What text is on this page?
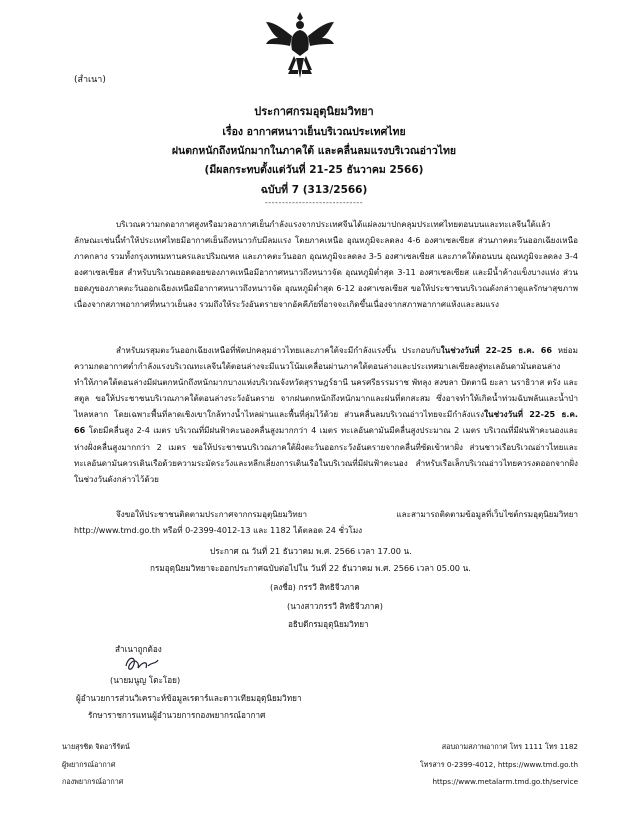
(สำเนา)
ประกาศกรมอุตุนิยมวิทยา
เรื่อง อากาศหนาวเย็นบริเวณประเทศไทย
ฝนตกหนักถึงหนักมากในภาคใต้ และคลื่นลมแรงบริเวณอ่าวไทย
(มีผลกระทบตั้งแต่วันที่ 21-25 ธันวาคม 2566)
ฉบับที่ 7 (313/2566)
-----------------------------

บริเวณความกดอากาศสูงหรือมวลอากาศเย็นกำลังแรงจากประเทศจีนได้แผ่ลงมาปกคลุมประเทศไทยตอนบนและทะเลจีนใต้แล้ว ลักษณะเช่นนี้ทำให้ประเทศไทยมีอากาศเย็นถึงหนาวกับมีลมแรง โดยภาคเหนือ อุณหภูมิจะลดลง 4-6 องศาเซลเซียส ส่วนภาคตะวันออกเฉียงเหนือ ภาคกลาง รวมทั้งกรุงเทพมหานครและปริมณฑล และภาคตะวันออก อุณหภูมิจะลดลง 3-5 องศาเซลเซียส และภาคใต้ตอนบน อุณหภูมิจะลดลง 3-4 องศาเซลเซียส สำหรับบริเวณยอดดอยของภาคเหนือมีอากาศหนาวถึงหนาวจัด อุณหภูมิต่ำสุด 3-11 องศาเซลเซียส และมีน้ำค้างแข็งบางแห่ง ส่วนยอดภูของภาคตะวันออกเฉียงเหนือมีอากาศหนาวถึงหนาวจัด อุณหภูมิต่ำสุด 6-12 องศาเซลเซียส ขอให้ประชาชนบริเวณดังกล่าวดูแลรักษาสุขภาพเนื่องจากสภาพอากาศที่หนาวเย็นลง รวมถึงให้ระวังอันตรายจากอัคคีภัยที่อาจจะเกิดขึ้นเนื่องจากสภาพอากาศแห้งและลมแรง

สำหรับมรสุมตะวันออกเฉียงเหนือที่พัดปกคลุมอ่าวไทยและภาคใต้จะมีกำลังแรงขึ้น ประกอบกับในช่วงวันที่ 22–25 ธ.ค. 66 หย่อมความกดอากาศต่ำกำลังแรงบริเวณทะเลจีนใต้ตอนล่างจะมีแนวโน้มเคลื่อนผ่านภาคใต้ตอนล่างและประเทศมาเลเซียลงสู่ทะเลอันดามันตอนล่าง ทำให้ภาคใต้ตอนล่างมีฝนตกหนักถึงหนักมากบางแห่งบริเวณจังหวัดสุราษฎร์ธานี นครศรีธรรมราช พัทลุง สงขลา ปัตตานี ยะลา นราธิวาส ตรัง และสตูล ขอให้ประชาชนบริเวณภาคใต้ตอนล่างระวังอันตราย จากฝนตกหนักถึงหนักมากและฝนที่ตกสะสม ซึ่งอาจทำให้เกิดน้ำท่วมฉับพลันและน้ำป่าไหลหลาก โดยเฉพาะพื้นที่ลาดเชิงเขาใกล้ทางน้ำไหลผ่านและพื้นที่ลุ่มไว้ด้วย ส่วนคลื่นลมบริเวณอ่าวไทยจะมีกำลังแรงในช่วงวันที่ 22-25 ธ.ค. 66 โดยมีคลื่นสูง 2-4 เมตร บริเวณที่มีฝนฟ้าคะนองคลื่นสูงมากกว่า 4 เมตร ทะเลอันดามันมีคลื่นสูงประมาณ 2 เมตร บริเวณที่มีฝนฟ้าคะนองและห่างฝั่งคลื่นสูงมากกว่า 2 เมตร ขอให้ประชาชนบริเวณภาคใต้ฝั่งตะวันออกระวังอันตรายจากคลื่นที่ซัดเข้าหาฝั่ง ส่วนชาวเรือบริเวณอ่าวไทยและทะเลอันดามันควรเดินเรือด้วยความระมัดระวังและหลีกเลี่ยงการเดินเรือในบริเวณที่มีฝนฟ้าคะนอง สำหรับเรือเล็กบริเวณอ่าวไทยควรงดออกจากฝั่งในช่วงวันดังกล่าวไว้ด้วย

จึงขอให้ประชาชนติดตามประกาศจากกรมอุตุนิยมวิทยา และสามารถติดตามข้อมูลที่เว็บไซต์กรมอุตุนิยมวิทยา http://www.tmd.go.th หรือที่ 0-2399-4012-13 และ 1182 ได้ตลอด 24 ชั่วโมง

ประกาศ ณ วันที่ 21 ธันวาคม พ.ศ. 2566 เวลา 17.00 น.
กรมอุตุนิยมวิทยาจะออกประกาศฉบับต่อไปใน วันที่ 22 ธันวาคม พ.ศ. 2566 เวลา 05.00 น.
(ลงชื่อ) กรรวี สิทธิจีวภาค
(นางสาวกรรวี สิทธิจีวภาค)
อธิบดีกรมอุตุนิยมวิทยา
สำเนาถูกต้อง
(นายมนูญ โตะโอย)
ผู้อำนวยการส่วนวิเคราะห์ข้อมูลเรดาร์และดาวเทียมอุตุนิยมวิทยา
รักษาราชการแทนผู้อำนวยการกองพยากรณ์อากาศ
นายสุรชิต จิตอารีรัตน์
ผู้พยากรณ์อากาศ
กองพยากรณ์อากาศ
สอบถามสภาพอากาศ โทร 1111 โทร 1182
โทรสาร 0-2399-4012, https://www.tmd.go.th
https://www.metalarm.tmd.go.th/service
